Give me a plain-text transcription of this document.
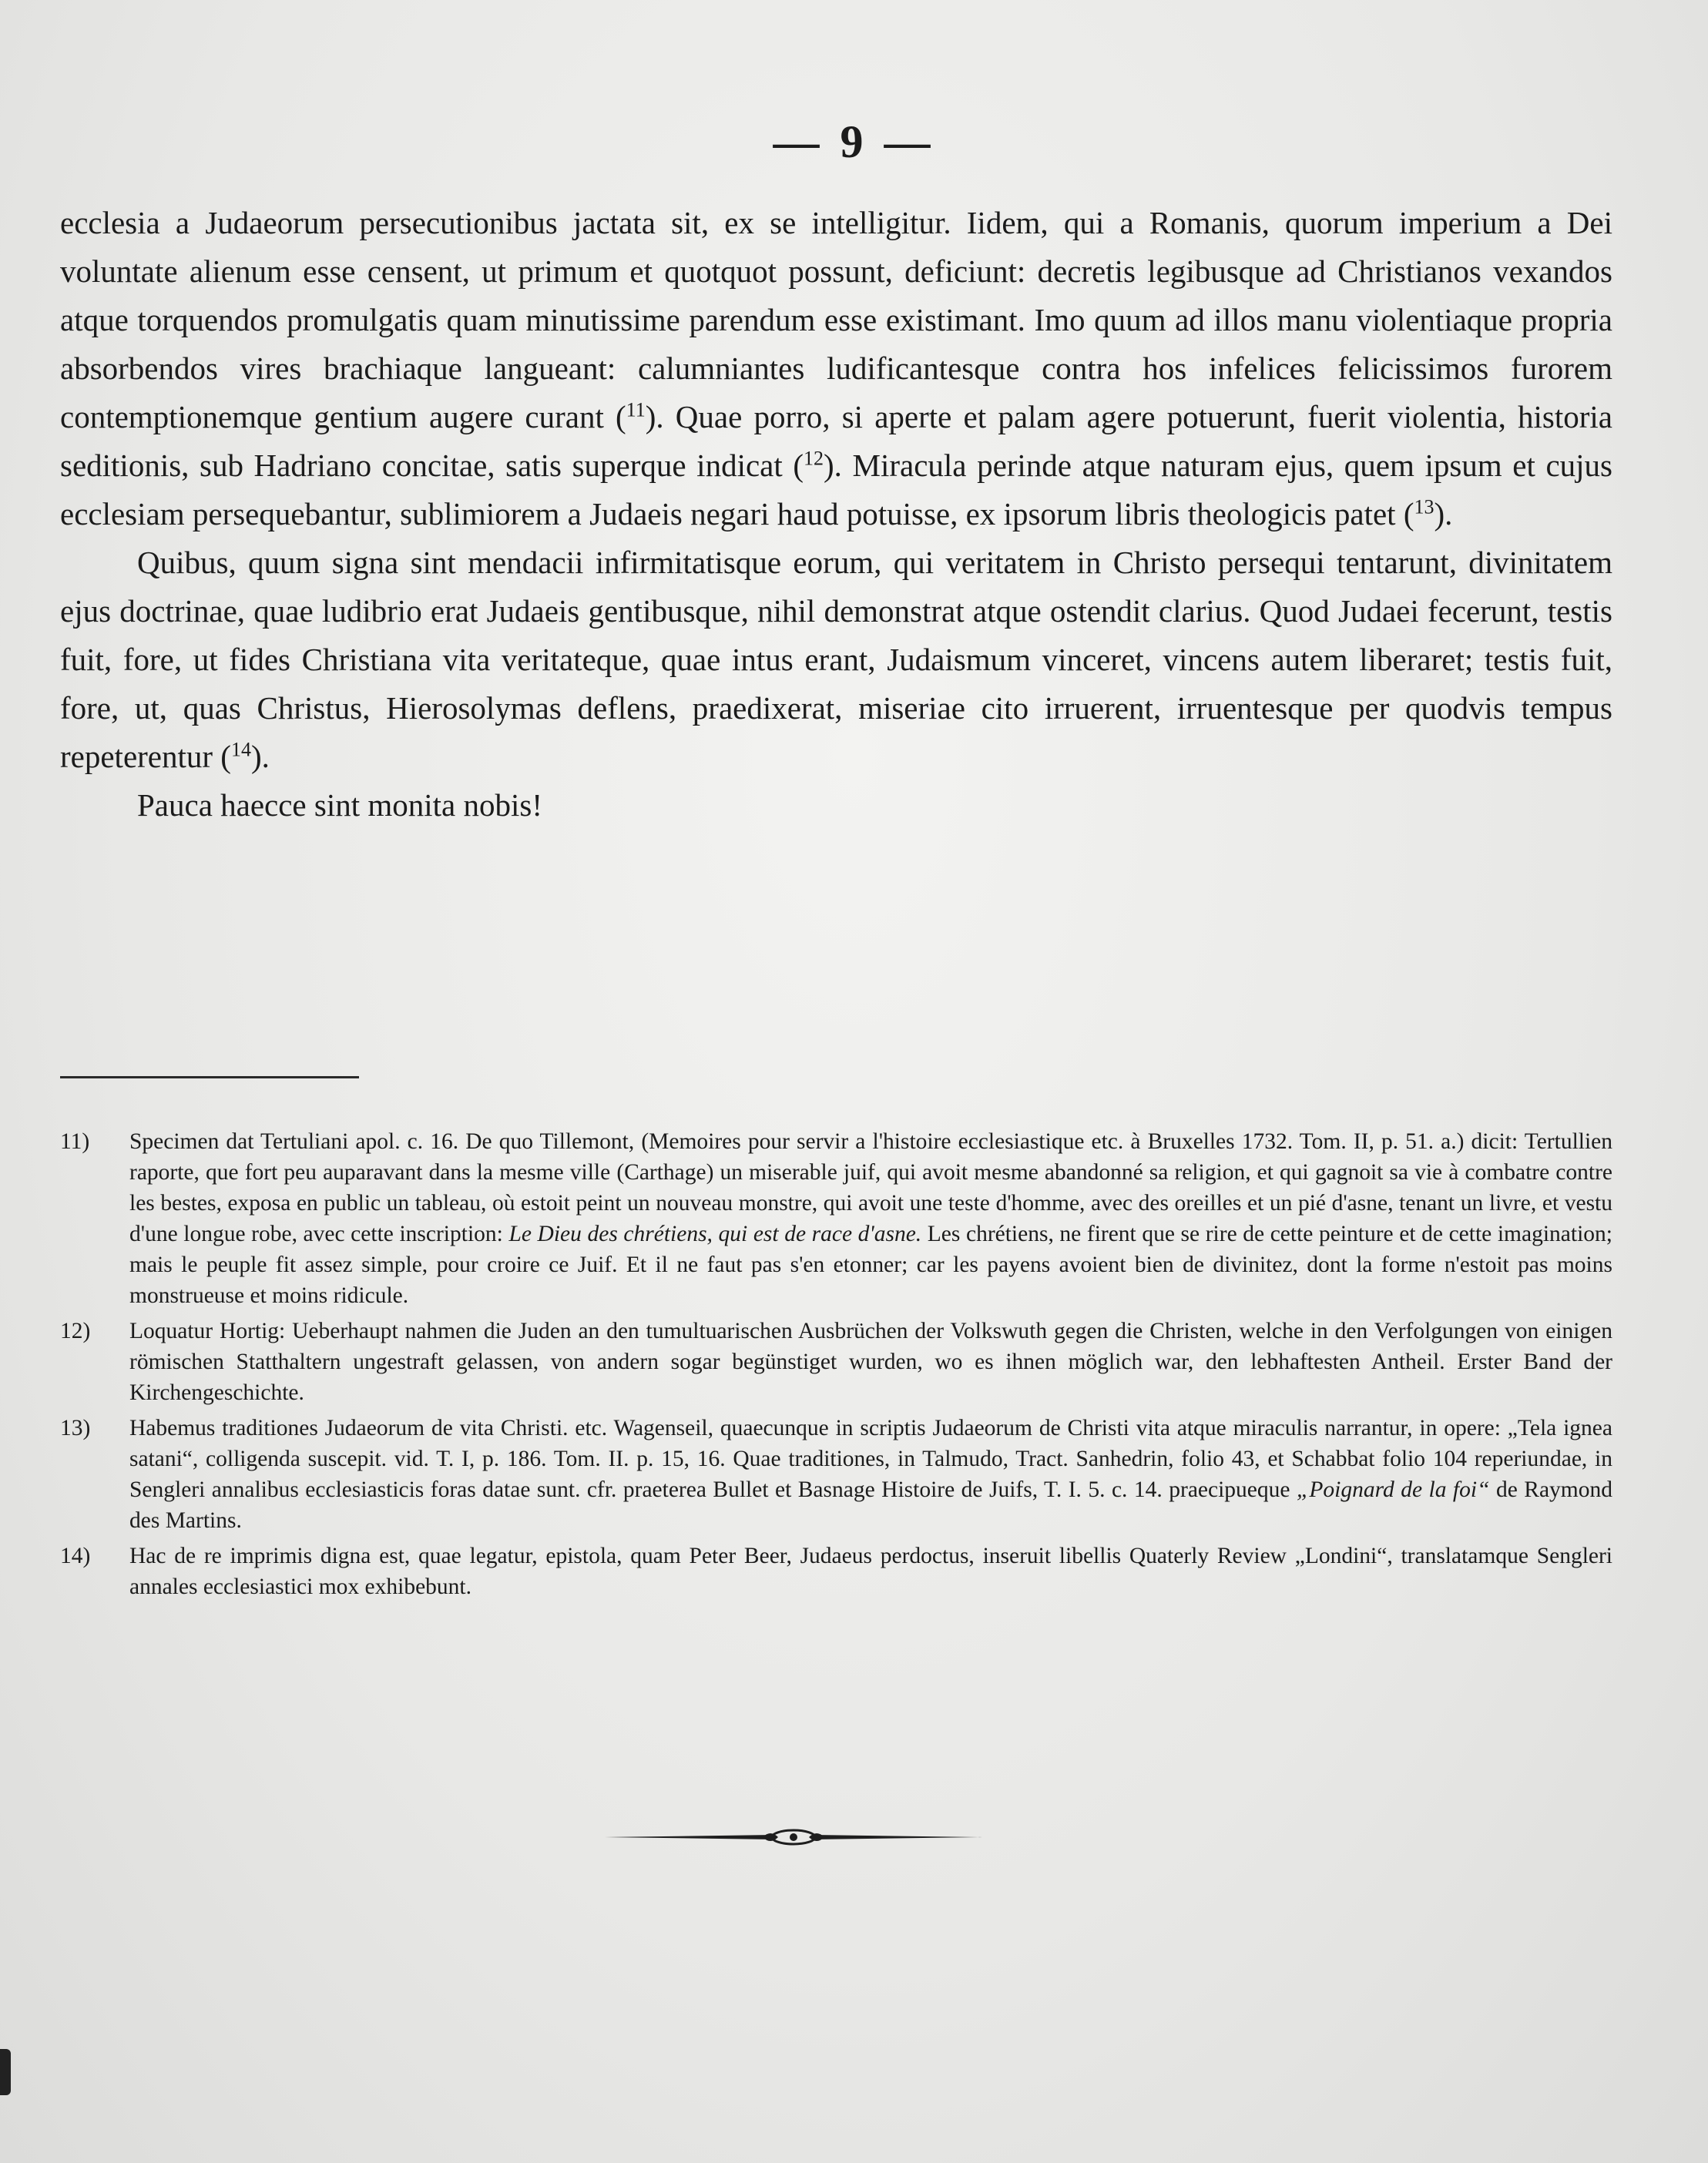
— 9 —

ecclesia a Judaeorum persecutionibus jactata sit, ex se intelligitur. Iidem, qui a Romanis, quorum imperium a Dei voluntate alienum esse censent, ut primum et quotquot possunt, deficiunt: decretis legibusque ad Christianos vexandos atque torquendos promulgatis quam minutissime parendum esse existimant. Imo quum ad illos manu violentiaque propria absorbendos vires brachiaque langueant: calumniantes ludificantesque contra hos infelices felicissimos furorem contemptionemque gentium augere curant ($^{11}$). Quae porro, si aperte et palam agere potuerunt, fuerit violentia, historia seditionis, sub Hadriano concitae, satis superque indicat ($^{12}$). Miracula perinde atque naturam ejus, quem ipsum et cujus ecclesiam persequebantur, sublimiorem a Judaeis negari haud potuisse, ex ipsorum libris theologicis patet ($^{13}$).

Quibus, quum signa sint mendacii infirmitatisque eorum, qui veritatem in Christo persequi tentarunt, divinitatem ejus doctrinae, quae ludibrio erat Judaeis gentibusque, nihil demonstrat atque ostendit clarius. Quod Judaei fecerunt, testis fuit, fore, ut fides Christiana vita veritateque, quae intus erant, Judaismum vinceret, vincens autem liberaret; testis fuit, fore, ut, quas Christus, Hierosolymas deflens, praedixerat, miseriae cito irruerent, irruentesque per quodvis tempus repeterentur ($^{14}$).

Pauca haecce sint monita nobis!

11)	Specimen dat Tertuliani apol. c. 16. De quo Tillemont, (Memoires pour servir a l'histoire ecclesiastique etc. à Bruxelles 1732. Tom. II, p. 51. a.) dicit: Tertullien raporte, que fort peu auparavant dans la mesme ville (Carthage) un miserable juif, qui avoit mesme abandonné sa religion, et qui gagnoit sa vie à combatre contre les bestes, exposa en public un tableau, où estoit peint un nouveau monstre, qui avoit une teste d'homme, avec des oreilles et un pié d'asne, tenant un livre, et vestu d'une longue robe, avec cette inscription: Le Dieu des chrétiens, qui est de race d'asne. Les chrétiens, ne firent que se rire de cette peinture et de cette imagination; mais le peuple fit assez simple, pour croire ce Juif. Et il ne faut pas s'en etonner; car les payens avoient bien de divinitez, dont la forme n'estoit pas moins monstrueuse et moins ridicule.
12)	Loquatur Hortig: Ueberhaupt nahmen die Juden an den tumultuarischen Ausbrüchen der Volkswuth gegen die Christen, welche in den Verfolgungen von einigen römischen Statthaltern ungestraft gelassen, von andern sogar begünstiget wurden, wo es ihnen möglich war, den lebhaftesten Antheil. Erster Band der Kirchengeschichte.
13)	Habemus traditiones Judaeorum de vita Christi. etc. Wagenseil, quaecunque in scriptis Judaeorum de Christi vita atque miraculis narrantur, in opere: „Tela ignea satani“, colligenda suscepit. vid. T. I, p. 186. Tom. II. p. 15, 16. Quae traditiones, in Talmudo, Tract. Sanhedrin, folio 43, et Schabbat folio 104 reperiundae, in Sengleri annalibus ecclesiasticis foras datae sunt. cfr. praeterea Bullet et Basnage Histoire de Juifs, T. I. 5. c. 14. praecipueque „Poignard de la foi“ de Raymond des Martins.
14)	Hac de re imprimis digna est, quae legatur, epistola, quam Peter Beer, Judaeus perdoctus, inseruit libellis Quaterly Review „Londini“, translatamque Sengleri annales ecclesiastici mox exhibebunt.
